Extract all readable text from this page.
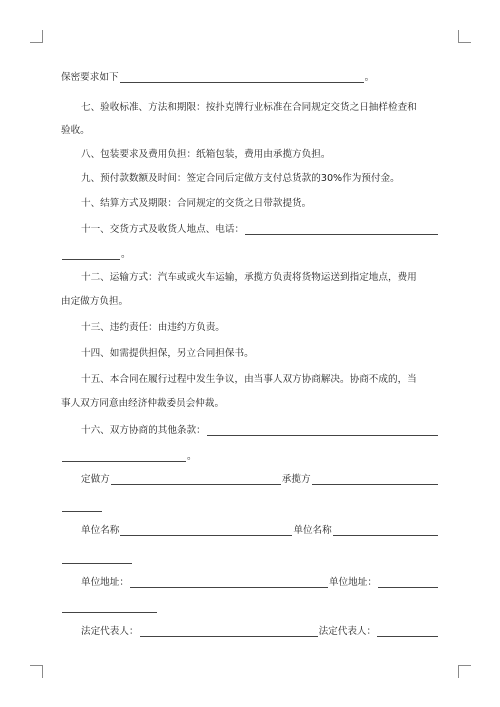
保密要求如下	。
七、验收标准、方法和期限：按扑克牌行业标准在合同规定交货之日抽样检查和
验收。
八、包装要求及费用负担：纸箱包装，费用由承揽方负担。
九、预付款数额及时间：签定合同后定做方支付总货款的30%作为预付金。
十、结算方式及期限：合同规定的交货之日带款提货。
十一、交货方式及收货人地点、电话：
。
十二、运输方式：汽车或或火车运输，承揽方负责将货物运送到指定地点，费用
由定做方负担。
十三、违约责任：由违约方负责。
十四、如需提供担保，另立合同担保书。
十五、本合同在履行过程中发生争议，由当事人双方协商解决。协商不成的，当
事人双方同意由经济仲裁委员会仲裁。
十六、双方协商的其他条款：
。
定做方	承揽方
单位名称	单位名称
单位地址：	单位地址：
法定代表人：	法定代表人：
